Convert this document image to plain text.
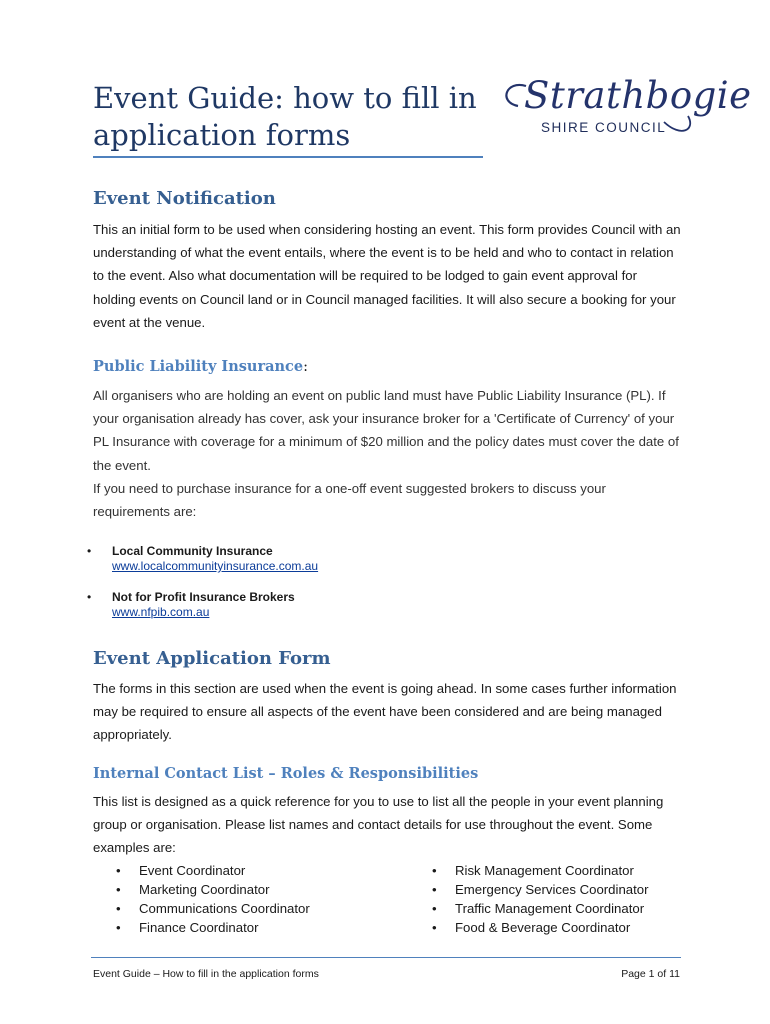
Event Guide: how to fill in application forms
Strathbogie
SHIRE COUNCIL
Event Notification

This an initial form to be used when considering hosting an event. This form provides Council with an understanding of what the event entails, where the event is to be held and who to contact in relation to the event. Also what documentation will be required to be lodged to gain event approval for holding events on Council land or in Council managed facilities. It will also secure a booking for your event at the venue.

Public Liability Insurance:

All organisers who are holding an event on public land must have Public Liability Insurance (PL). If your organisation already has cover, ask your insurance broker for a 'Certificate of Currency' of your PL Insurance with coverage for a minimum of $20 million and the policy dates must cover the date of the event.

If you need to purchase insurance for a one-off event suggested brokers to discuss your requirements are:

• Local Community Insurance
www.localcommunityinsurance.com.au
• Not for Profit Insurance Brokers
www.nfpib.com.au
Event Application Form

The forms in this section are used when the event is going ahead. In some cases further information may be required to ensure all aspects of the event have been considered and are being managed appropriately.

Internal Contact List – Roles & Responsibilities

This list is designed as a quick reference for you to use to list all the people in your event planning group or organisation. Please list names and contact details for use throughout the event. Some examples are:

• Event Coordinator
• Marketing Coordinator
• Communications Coordinator
• Finance Coordinator
• Risk Management Coordinator
• Emergency Services Coordinator
• Traffic Management Coordinator
• Food & Beverage Coordinator
Event Guide – How to fill in the application forms	Page 1 of 11
